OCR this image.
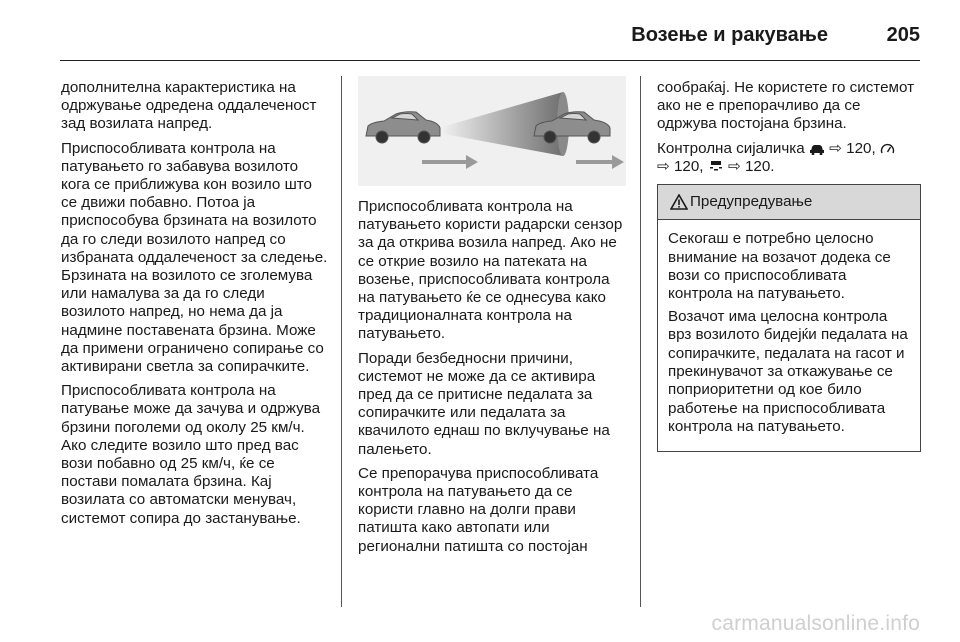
Возење и ракување	205

дополнителна карактеристика на одржување одредена оддалеченост зад возилата напред.

Приспособливата контрола на патувањето го забавува возилото кога се приближува кон возило што се движи побавно. Потоа ја приспособува брзината на возилото да го следи возилото напред со избраната оддалеченост за следење. Брзината на возилото се зголемува или намалува за да го следи возилото напред, но нема да ја надмине поставената брзина. Може да примени ограничено сопирање со активирани светла за сопирачките.

Приспособливата контрола на патување може да зачува и одржува брзини поголеми од околу 25 км/ч. Ако следите возило што пред вас вози побавно од 25 км/ч, ќе се постави помалата брзина. Кај возилата со автоматски менувач, системот сопира до застанување.

Приспособливата контрола на патувањето користи радарски сензор за да открива возила напред. Ако не се открие возило на патеката на возење, приспособливата контрола на патувањето ќе се однесува како традиционалната контрола на патувањето.

Поради безбедносни причини, системот не може да се активира пред да се притисне педалата за сопирачките или педалата за квачилото еднаш по вклучување на палењето.

Се препорачува приспособливата контрола на патувањето да се користи главно на долги прави патишта како автопати или регионални патишта со постојан

сообраќај. Не користете го системот ако не е препорачливо да се одржува постојана брзина.

Контролна сијаличка ⇨ 120,
⇨ 120, ⇨ 120.

Предупредување

Секогаш е потребно целосно внимание на возачот додека се вози со приспособливата контрола на патувањето.

Возачот има целосна контрола врз возилото бидејќи педалата на сопирачките, педалата на гасот и прекинувачот за откажување се поприоритетни од кое било работење на приспособливата контрола на патувањето.

carmanualsonline.info
